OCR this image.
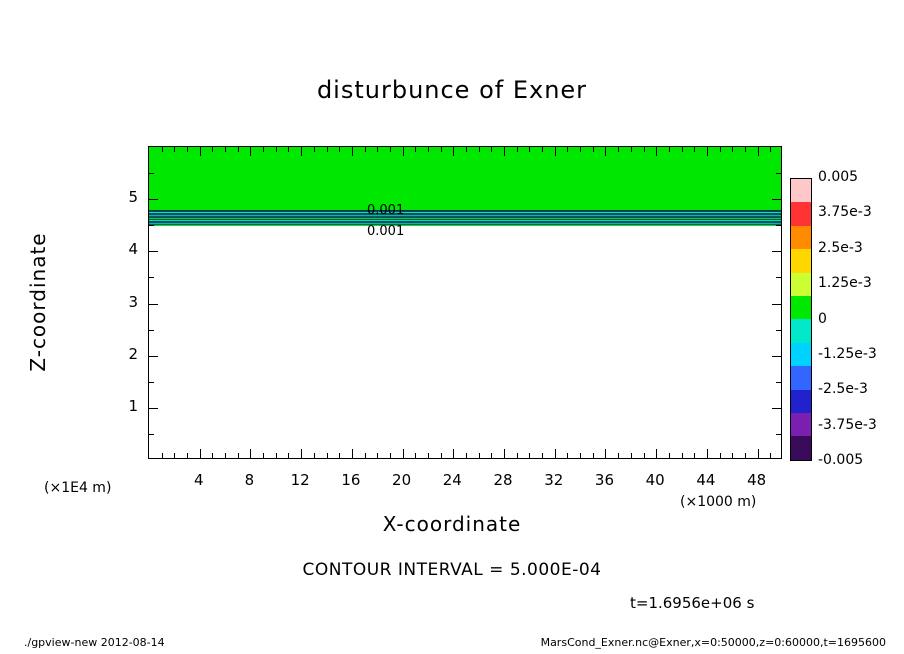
disturbunce of Exner
0.001
0.001
4	8	12 16 20 24 28 32 36 40 44 48
1
2
3
4
5
X-coordinate
Z-coordinate
(×1000 m)
(×1E4 m)
0.005
3.75e-3
2.5e-3
1.25e-3
0
-1.25e-3
-2.5e-3
-3.75e-3
-0.005
CONTOUR INTERVAL = 5.000E-04
t=1.6956e+06 s
./gpview-new 2012-08-14	MarsCond_Exner.nc@Exner,x=0:50000,z=0:60000,t=1695600
